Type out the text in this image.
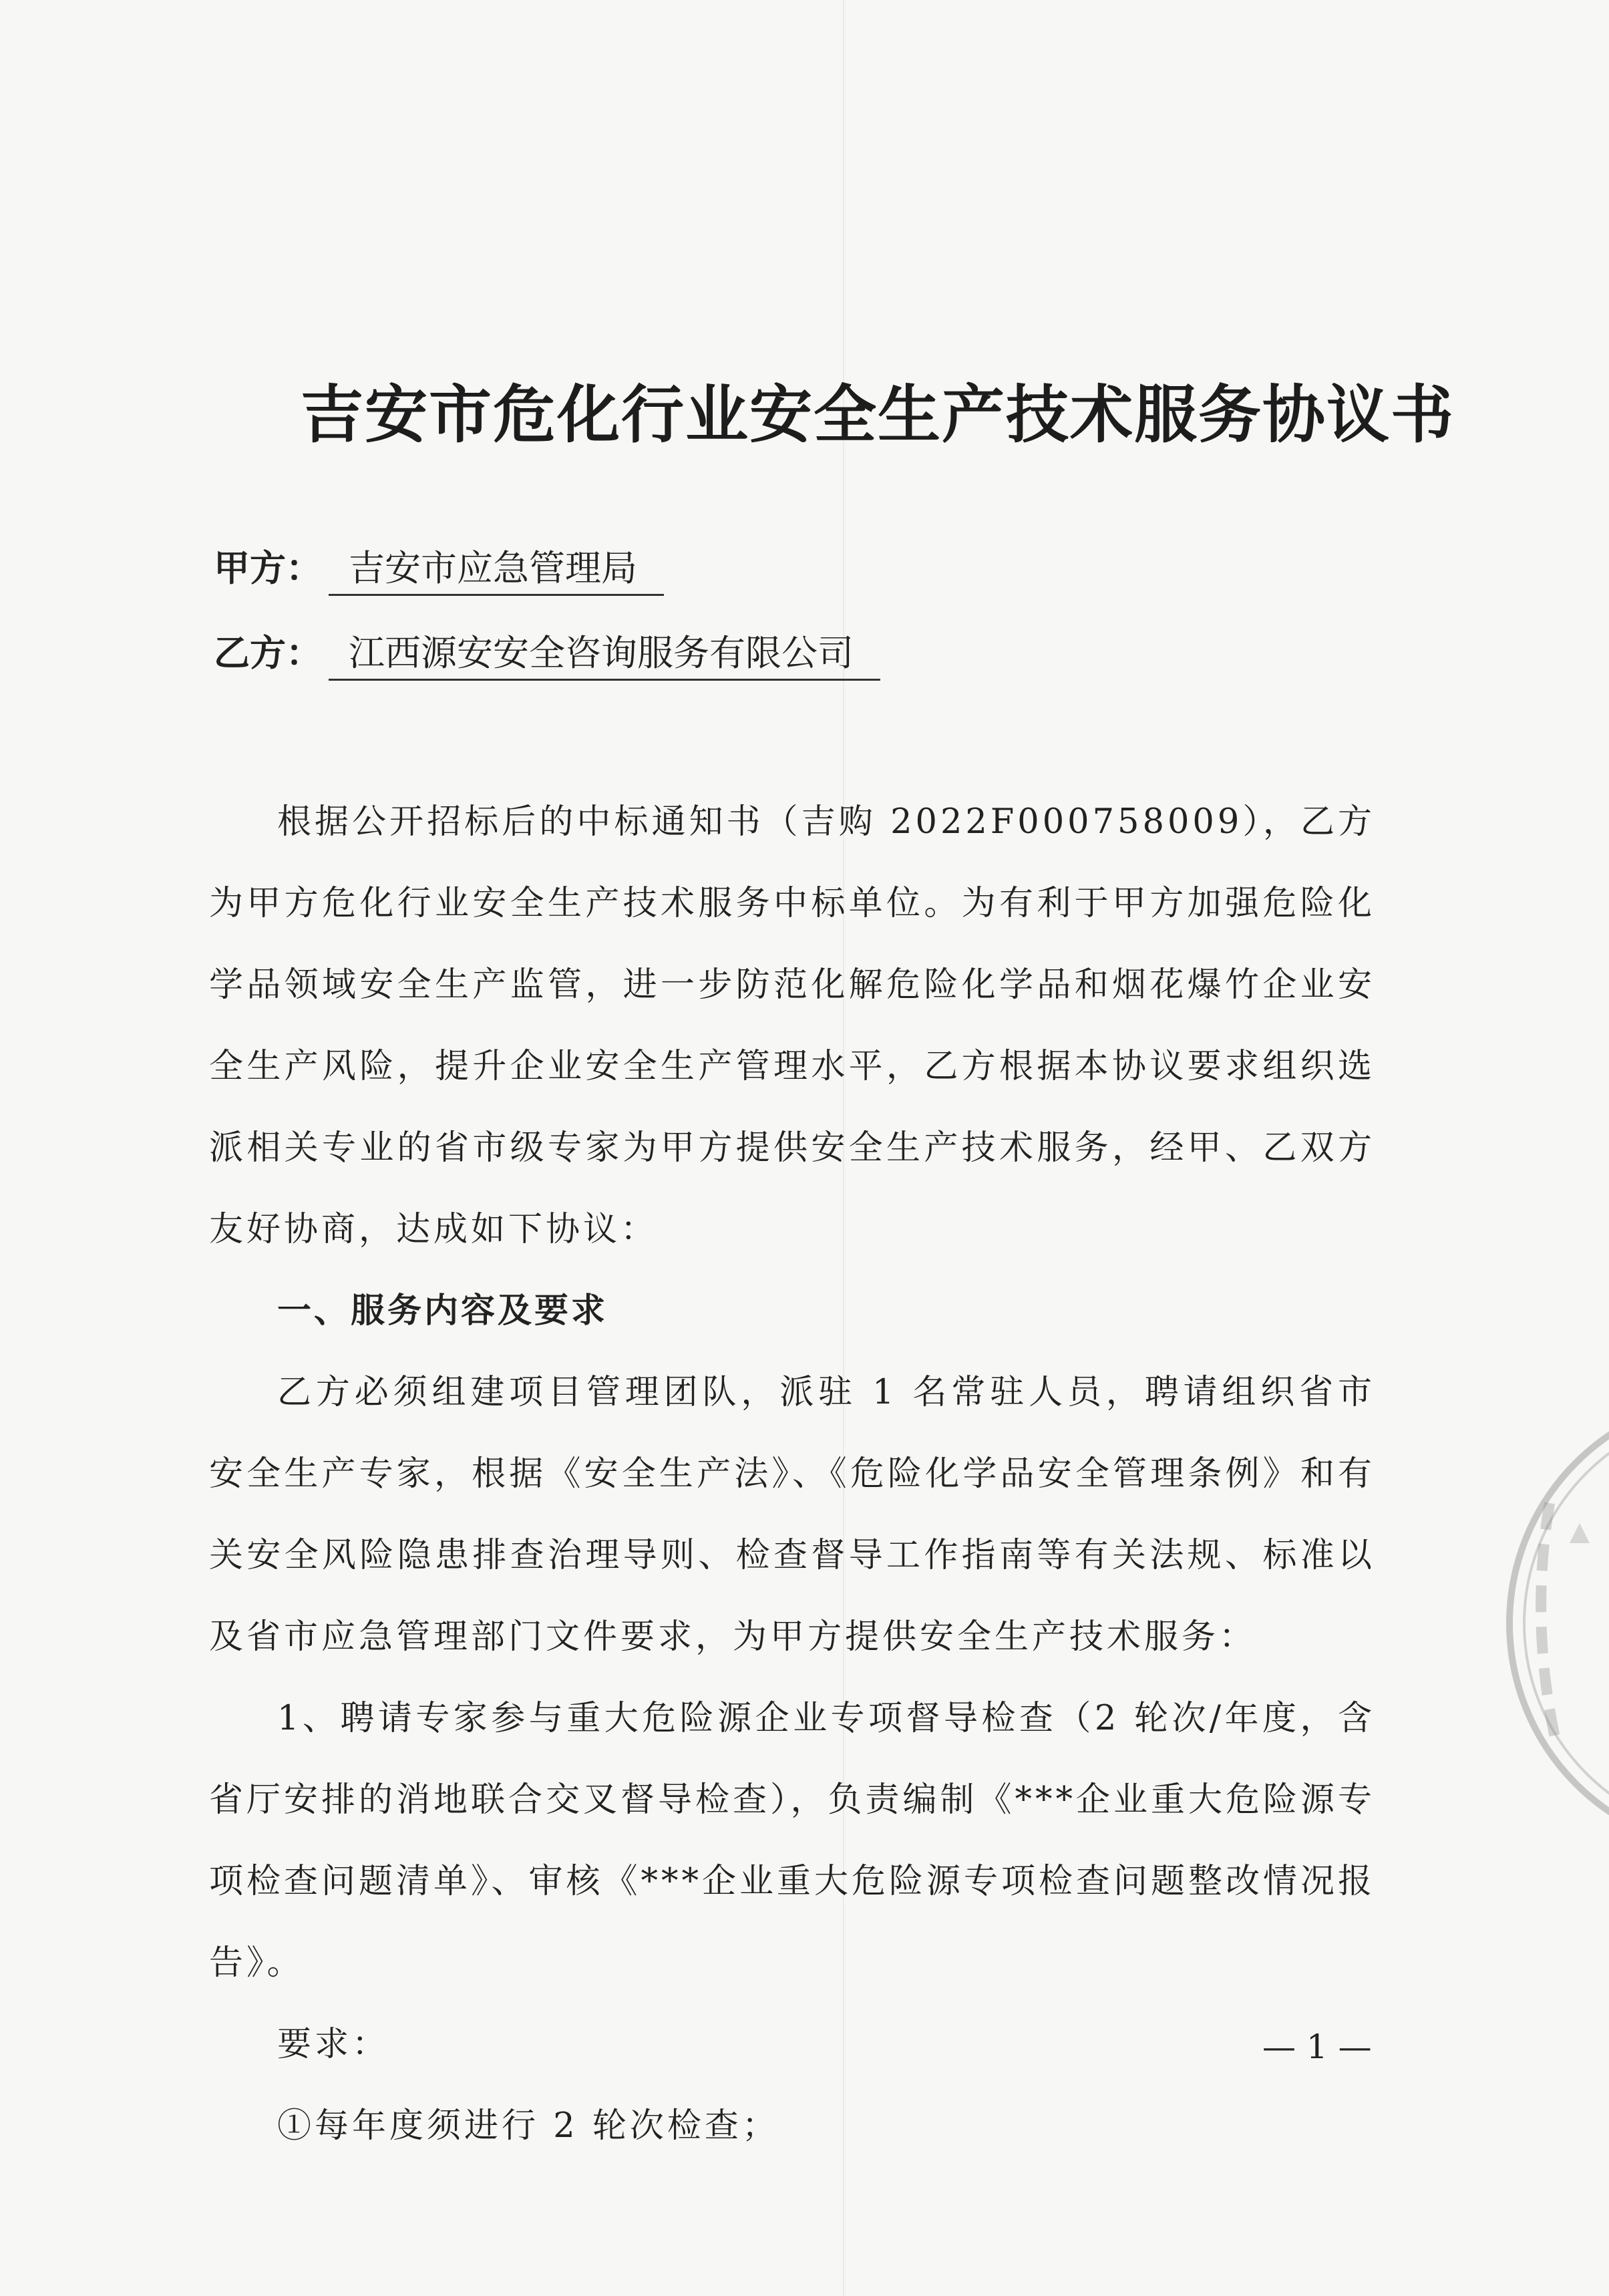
吉安市危化行业安全生产技术服务协议书
甲方： 吉安市应急管理局
乙方： 江西源安安全咨询服务有限公司

根据公开招标后的中标通知书（吉购 2022F000758009），乙方为甲方危化行业安全生产技术服务中标单位。为有利于甲方加强危险化学品领域安全生产监管，进一步防范化解危险化学品和烟花爆竹企业安全生产风险，提升企业安全生产管理水平，乙方根据本协议要求组织选派相关专业的省市级专家为甲方提供安全生产技术服务，经甲、乙双方友好协商，达成如下协议：

一、服务内容及要求

乙方必须组建项目管理团队，派驻 1 名常驻人员，聘请组织省市安全生产专家，根据《安全生产法》、《危险化学品安全管理条例》和有关安全风险隐患排查治理导则、检查督导工作指南等有关法规、标准以及省市应急管理部门文件要求，为甲方提供安全生产技术服务：

1、聘请专家参与重大危险源企业专项督导检查（2 轮次/年度，含省厅安排的消地联合交叉督导检查），负责编制《***企业重大危险源专项检查问题清单》、审核《***企业重大危险源专项检查问题整改情况报告》。

要求：

①每年度须进行 2 轮次检查；

— 1 —
